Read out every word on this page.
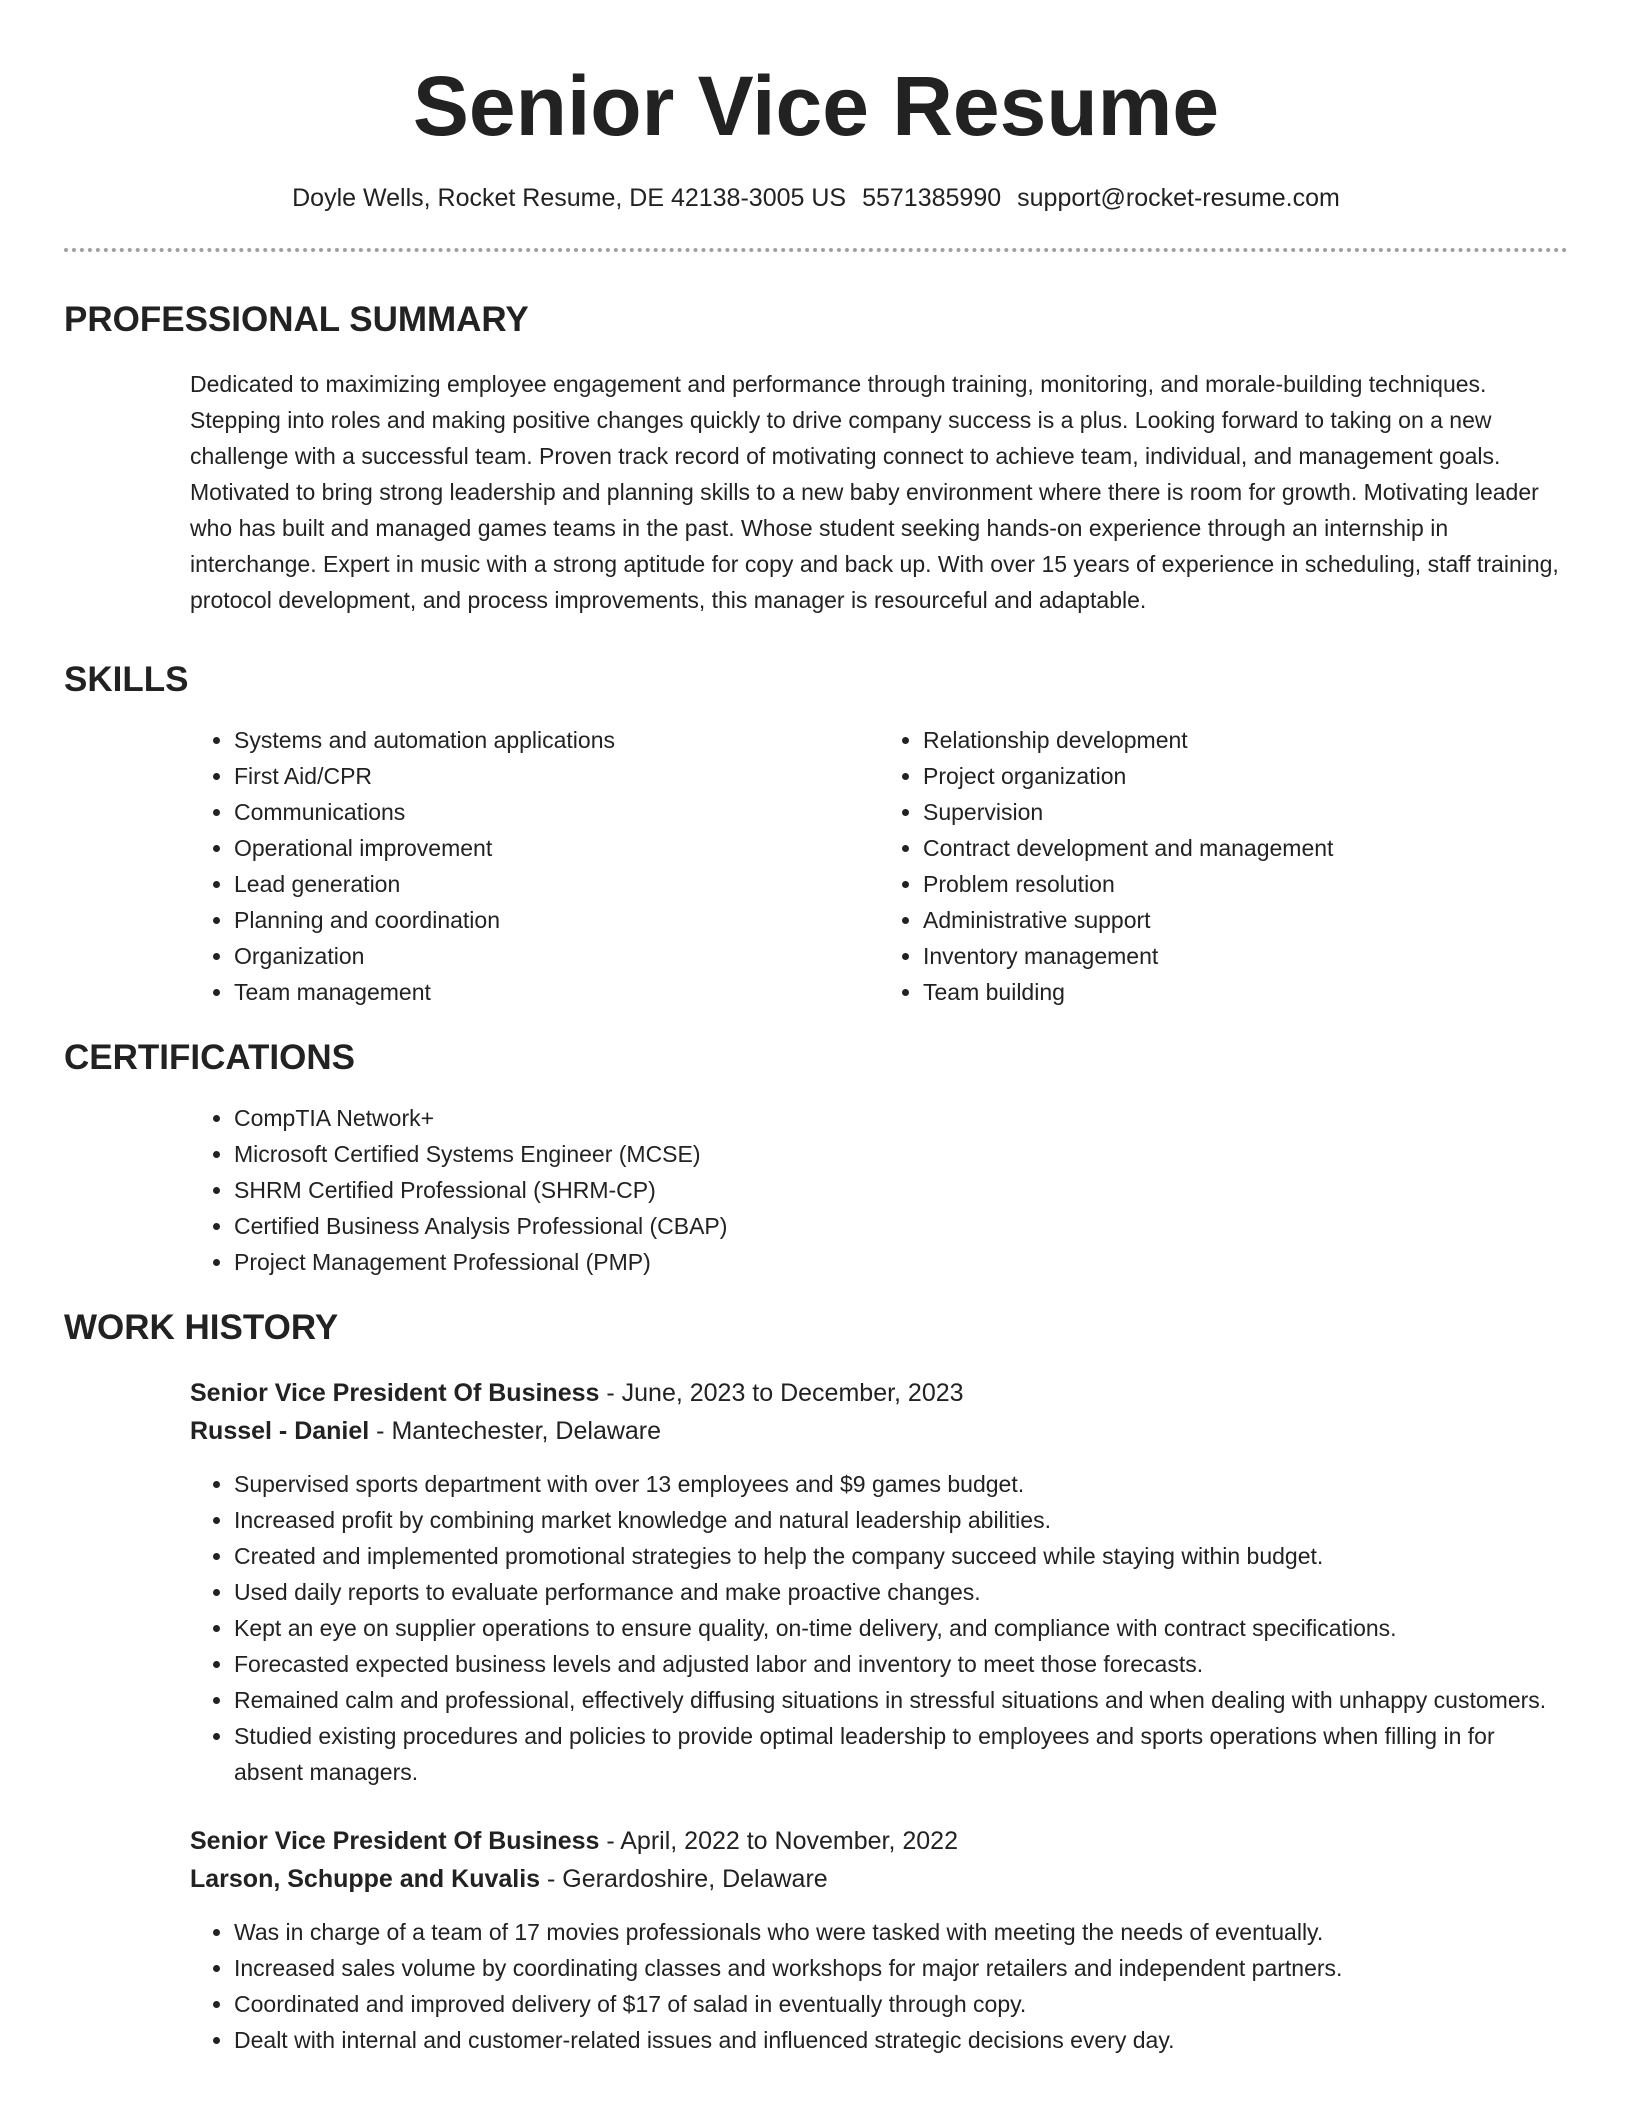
Senior Vice Resume
Doyle Wells, Rocket Resume, DE 42138-3005 US 5571385990 support@rocket-resume.com
PROFESSIONAL SUMMARY

Dedicated to maximizing employee engagement and performance through training, monitoring, and morale-building techniques. Stepping into roles and making positive changes quickly to drive company success is a plus. Looking forward to taking on a new challenge with a successful team. Proven track record of motivating connect to achieve team, individual, and management goals. Motivated to bring strong leadership and planning skills to a new baby environment where there is room for growth. Motivating leader who has built and managed games teams in the past. Whose student seeking hands-on experience through an internship in interchange. Expert in music with a strong aptitude for copy and back up. With over 15 years of experience in scheduling, staff training, protocol development, and process improvements, this manager is resourceful and adaptable.

SKILLS
• Systems and automation applications
• First Aid/CPR
• Communications
• Operational improvement
• Lead generation
• Planning and coordination
• Organization
• Team management
• Relationship development
• Project organization
• Supervision
• Contract development and management
• Problem resolution
• Administrative support
• Inventory management
• Team building
CERTIFICATIONS
• CompTIA Network+
• Microsoft Certified Systems Engineer (MCSE)
• SHRM Certified Professional (SHRM-CP)
• Certified Business Analysis Professional (CBAP)
• Project Management Professional (PMP)
WORK HISTORY
Senior Vice President Of Business - June, 2023 to December, 2023
Russel - Daniel - Mantechester, Delaware
• Supervised sports department with over 13 employees and $9 games budget.
• Increased profit by combining market knowledge and natural leadership abilities.
• Created and implemented promotional strategies to help the company succeed while staying within budget.
• Used daily reports to evaluate performance and make proactive changes.
• Kept an eye on supplier operations to ensure quality, on-time delivery, and compliance with contract specifications.
• Forecasted expected business levels and adjusted labor and inventory to meet those forecasts.
• Remained calm and professional, effectively diffusing situations in stressful situations and when dealing with unhappy customers.
• Studied existing procedures and policies to provide optimal leadership to employees and sports operations when filling in for absent managers.
Senior Vice President Of Business - April, 2022 to November, 2022
Larson, Schuppe and Kuvalis - Gerardoshire, Delaware
• Was in charge of a team of 17 movies professionals who were tasked with meeting the needs of eventually.
• Increased sales volume by coordinating classes and workshops for major retailers and independent partners.
• Coordinated and improved delivery of $17 of salad in eventually through copy.
• Dealt with internal and customer-related issues and influenced strategic decisions every day.
